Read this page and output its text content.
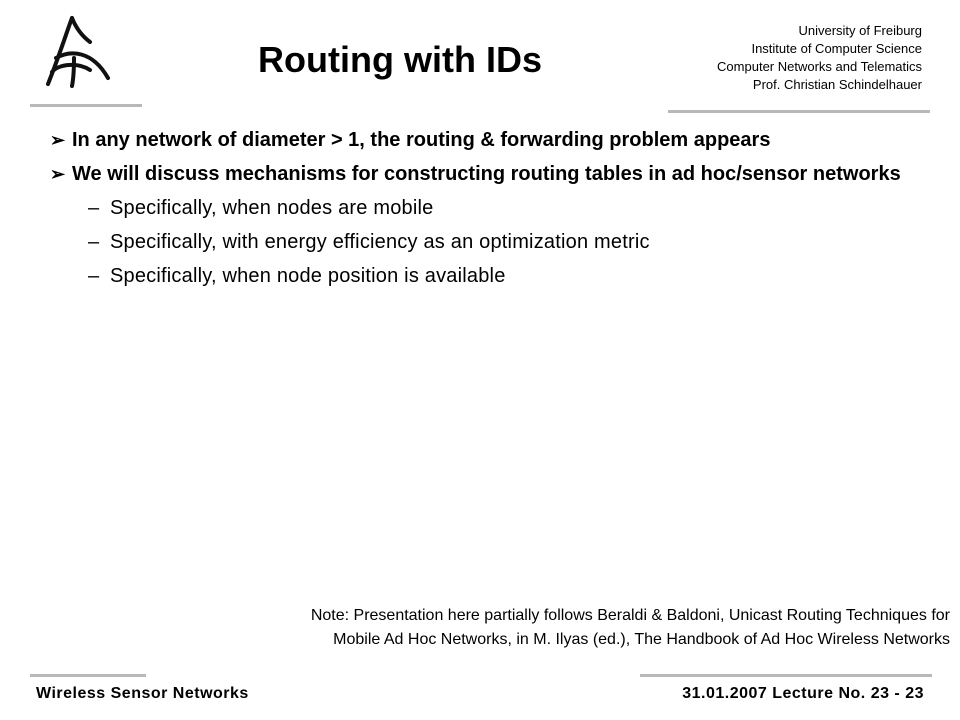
Routing with IDs
University of Freiburg
Institute of Computer Science
Computer Networks and Telematics
Prof. Christian Schindelhauer
➢ In any network of diameter > 1, the routing & forwarding problem appears
➢ We will discuss mechanisms for constructing routing tables in ad hoc/sensor networks
– Specifically, when nodes are mobile
– Specifically, with energy efficiency as an optimization metric
– Specifically, when node position is available
Note: Presentation here partially follows Beraldi & Baldoni, Unicast Routing Techniques for
Mobile Ad Hoc Networks, in M. Ilyas (ed.), The Handbook of Ad Hoc Wireless Networks
Wireless Sensor Networks	31.01.2007 Lecture No. 23 - 23
